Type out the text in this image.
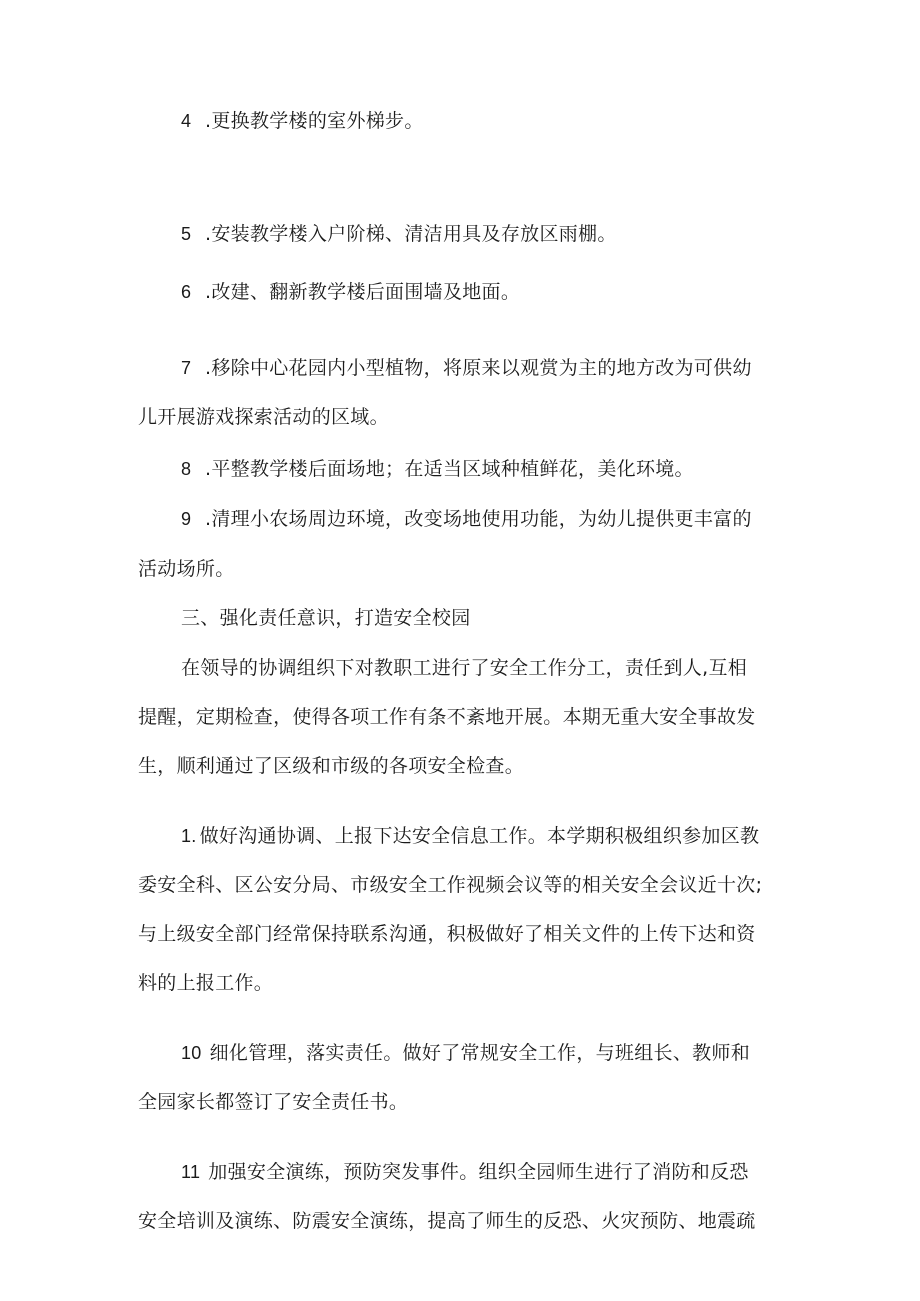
4 .更换教学楼的室外梯步。

5 .安装教学楼入户阶梯、清洁用具及存放区雨棚。

6 .改建、翻新教学楼后面围墙及地面。

7 .移除中心花园内小型植物，将原来以观赏为主的地方改为可供幼

儿开展游戏探索活动的区域。

8 .平整教学楼后面场地；在适当区域种植鲜花，美化环境。

9 .清理小农场周边环境，改变场地使用功能，为幼儿提供更丰富的

活动场所。

三、强化责任意识，打造安全校园

在领导的协调组织下对教职工进行了安全工作分工，责任到人,互相

提醒，定期检查，使得各项工作有条不紊地开展。本期无重大安全事故发

生，顺利通过了区级和市级的各项安全检查。

1. 做好沟通协调、上报下达安全信息工作。本学期积极组织参加区教

委安全科、区公安分局、市级安全工作视频会议等的相关安全会议近十次;

与上级安全部门经常保持联系沟通，积极做好了相关文件的上传下达和资

料的上报工作。

10 细化管理，落实责任。做好了常规安全工作，与班组长、教师和

全园家长都签订了安全责任书。

11 加强安全演练，预防突发事件。组织全园师生进行了消防和反恐

安全培训及演练、防震安全演练，提高了师生的反恐、火灾预防、地震疏
